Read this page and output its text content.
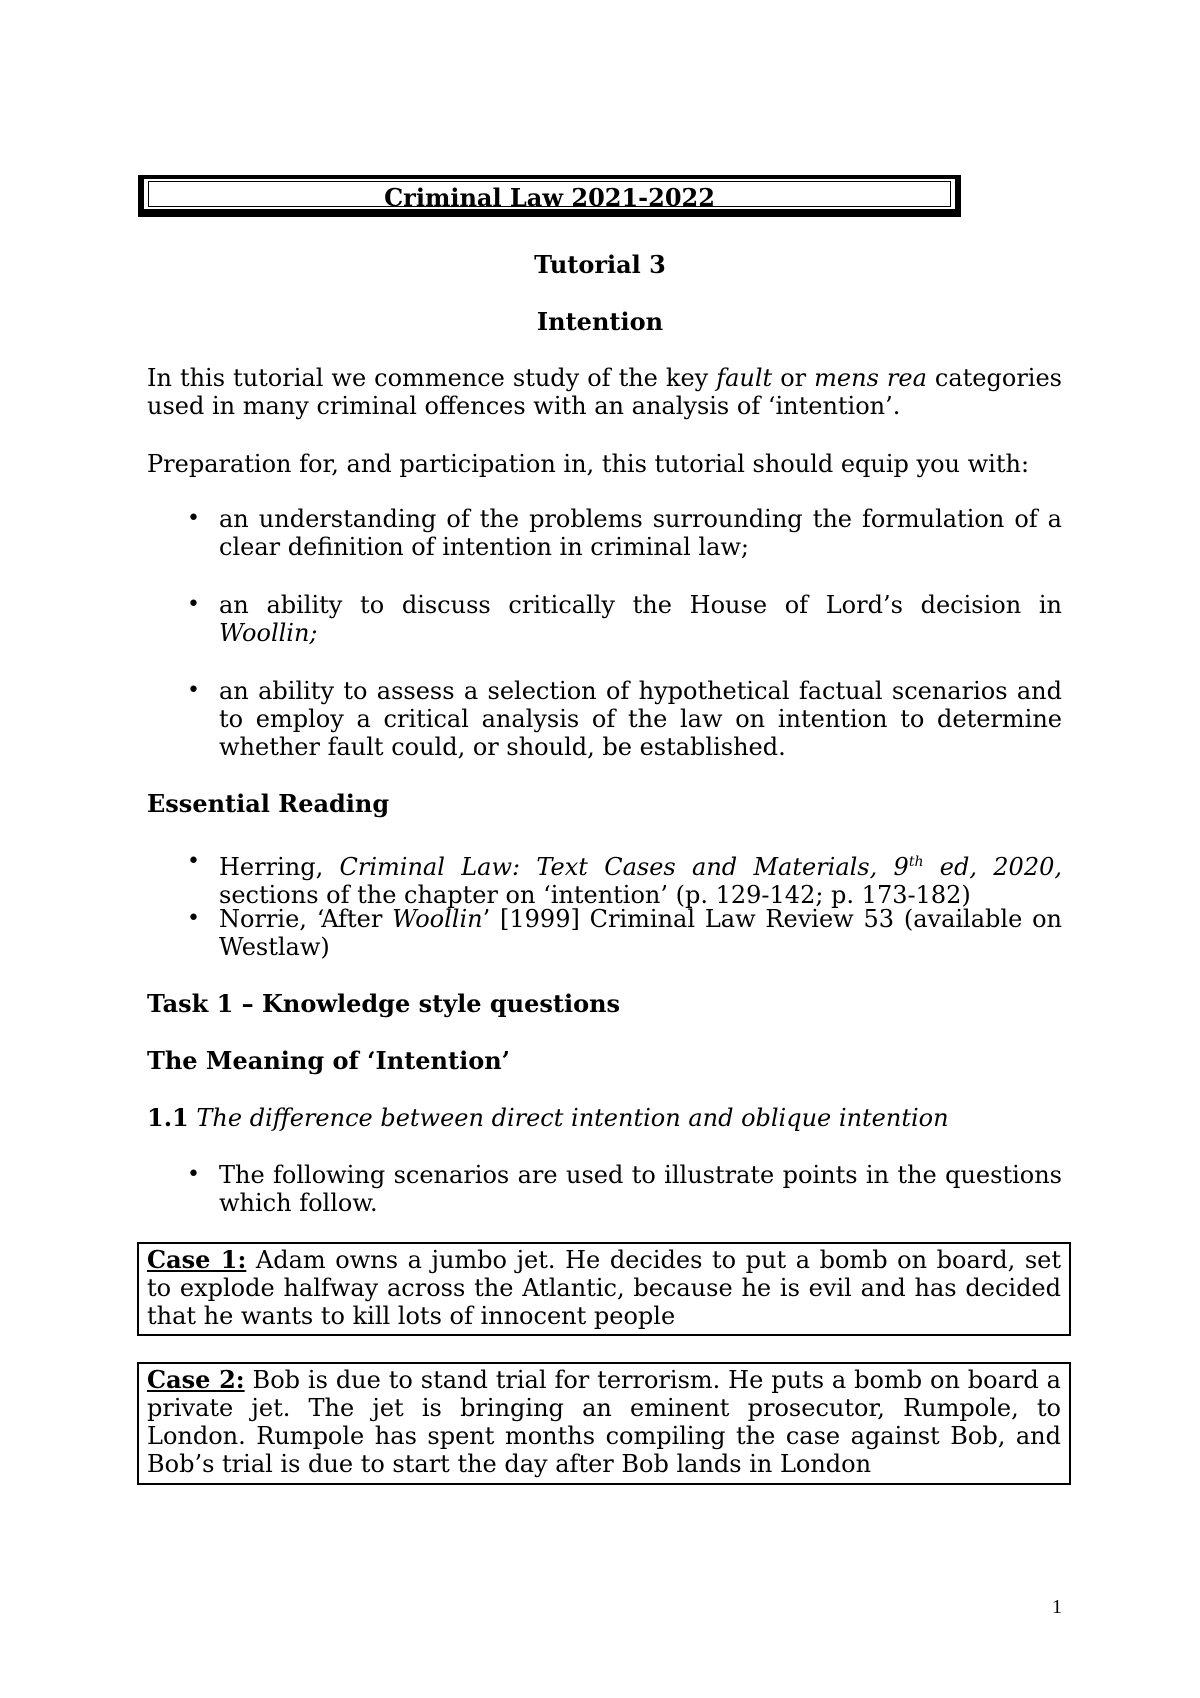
Criminal Law 2021-2022
Tutorial 3
Intention
In this tutorial we commence study of the key fault or mens rea categories used in many criminal offences with an analysis of ‘intention’.
Preparation for, and participation in, this tutorial should equip you with:
• an understanding of the problems surrounding the formulation of a clear definition of intention in criminal law;
• an ability to discuss critically the House of Lord’s decision in Woollin;
• an ability to assess a selection of hypothetical factual scenarios and to employ a critical analysis of the law on intention to determine whether fault could, or should, be established.
Essential Reading
• Herring, Criminal Law: Text Cases and Materials, 9th ed, 2020, sections of the chapter on ‘intention’ (p. 129-142; p. 173-182)
• Norrie, ‘After Woollin’ [1999] Criminal Law Review 53 (available on Westlaw)
Task 1 – Knowledge style questions
The Meaning of ‘Intention’
1.1 The difference between direct intention and oblique intention
• The following scenarios are used to illustrate points in the questions which follow.
Case 1: Adam owns a jumbo jet. He decides to put a bomb on board, set to explode halfway across the Atlantic, because he is evil and has decided that he wants to kill lots of innocent people
Case 2: Bob is due to stand trial for terrorism. He puts a bomb on board a private jet. The jet is bringing an eminent prosecutor, Rumpole, to London. Rumpole has spent months compiling the case against Bob, and Bob’s trial is due to start the day after Bob lands in London
1
